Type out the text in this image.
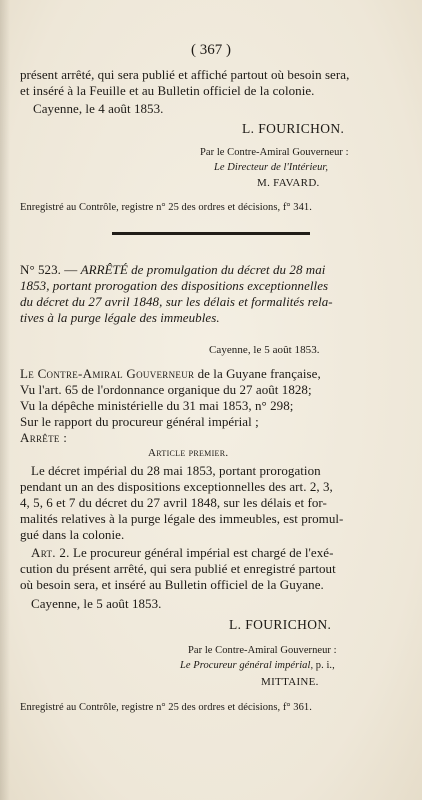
( 367 )
présent arrêté, qui sera publié et affiché partout où besoin sera,
et inséré à la Feuille et au Bulletin officiel de la colonie.
Cayenne, le 4 août 1853.
L. FOURICHON.
Par le Contre-Amiral Gouverneur :
Le Directeur de l'Intérieur,
M. FAVARD.
Enregistré au Contrôle, registre n° 25 des ordres et décisions, f° 341.
N° 523. — ARRÊTÉ de promulgation du décret du 28 mai
1853, portant prorogation des dispositions exceptionnelles
du décret du 27 avril 1848, sur les délais et formalités rela-
tives à la purge légale des immeubles.
Cayenne, le 5 août 1853.
Le Contre-Amiral Gouverneur de la Guyane française,
Vu l'art. 65 de l'ordonnance organique du 27 août 1828;
Vu la dépêche ministérielle du 31 mai 1853, n° 298;
Sur le rapport du procureur général impérial ;
Arrête :
Article premier.
Le décret impérial du 28 mai 1853, portant prorogation
pendant un an des dispositions exceptionnelles des art. 2, 3,
4, 5, 6 et 7 du décret du 27 avril 1848, sur les délais et for-
malités relatives à la purge légale des immeubles, est promul-
gué dans la colonie.
Art. 2. Le procureur général impérial est chargé de l'exé-
cution du présent arrêté, qui sera publié et enregistré partout
où besoin sera, et inséré au Bulletin officiel de la Guyane.
Cayenne, le 5 août 1853.
L. FOURICHON.
Par le Contre-Amiral Gouverneur :
Le Procureur général impérial, p. i.,
MITTAINE.
Enregistré au Contrôle, registre n° 25 des ordres et décisions, f° 361.
